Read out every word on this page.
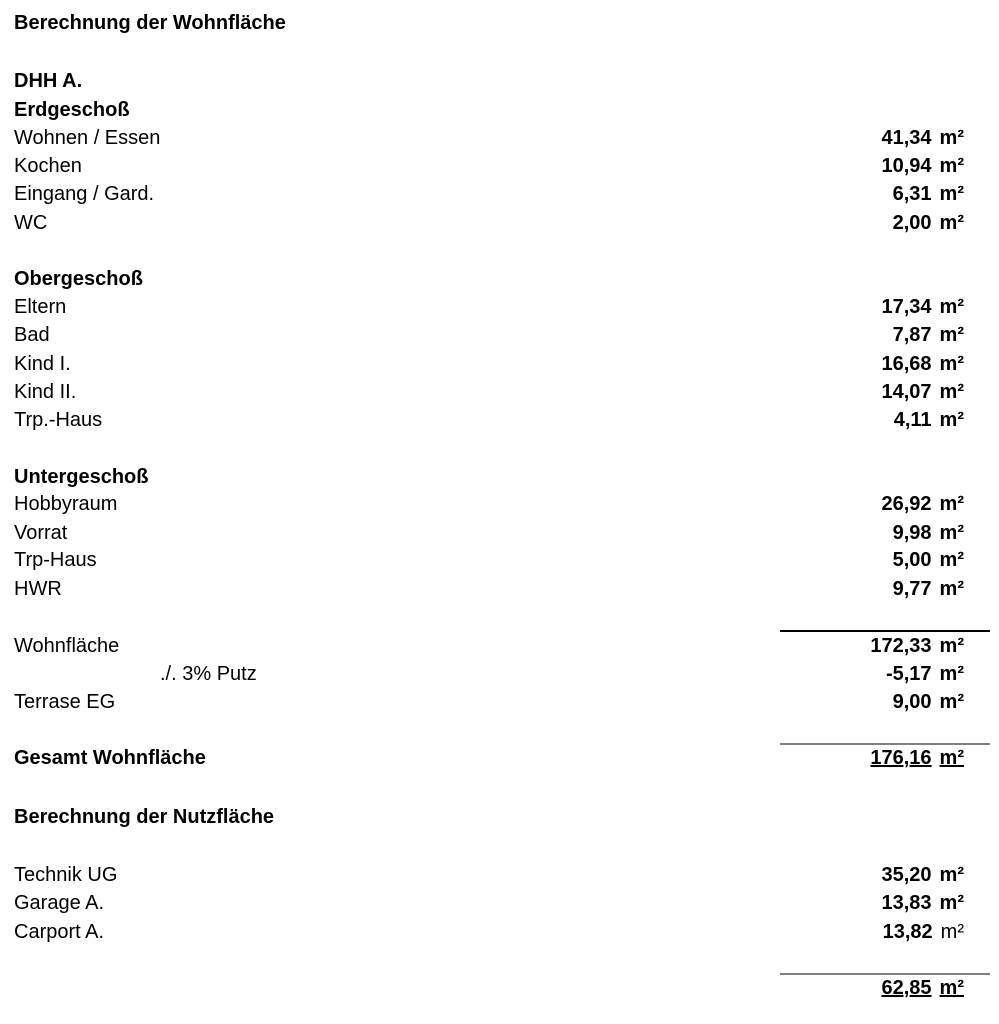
Berechnung der Wohnfläche
DHH A.
Erdgeschoß
Wohnen / Essen	41,34 m²
Kochen	10,94 m²
Eingang / Gard.	6,31 m²
WC	2,00 m²
Obergeschoß
Eltern	17,34 m²
Bad	7,87 m²
Kind I.	16,68 m²
Kind II.	14,07 m²
Trp.-Haus	4,11 m²
Untergeschoß
Hobbyraum	26,92 m²
Vorrat	9,98 m²
Trp-Haus	5,00 m²
HWR	9,77 m²
Wohnfläche	172,33 m²
./. 3% Putz	-5,17 m²
Terrase EG	9,00 m²
Gesamt Wohnfläche	176,16 m²
Berechnung der Nutzfläche
Technik UG	35,20 m²
Garage A.	13,83 m²
Carport A.	13,82 m²
62,85 m²
